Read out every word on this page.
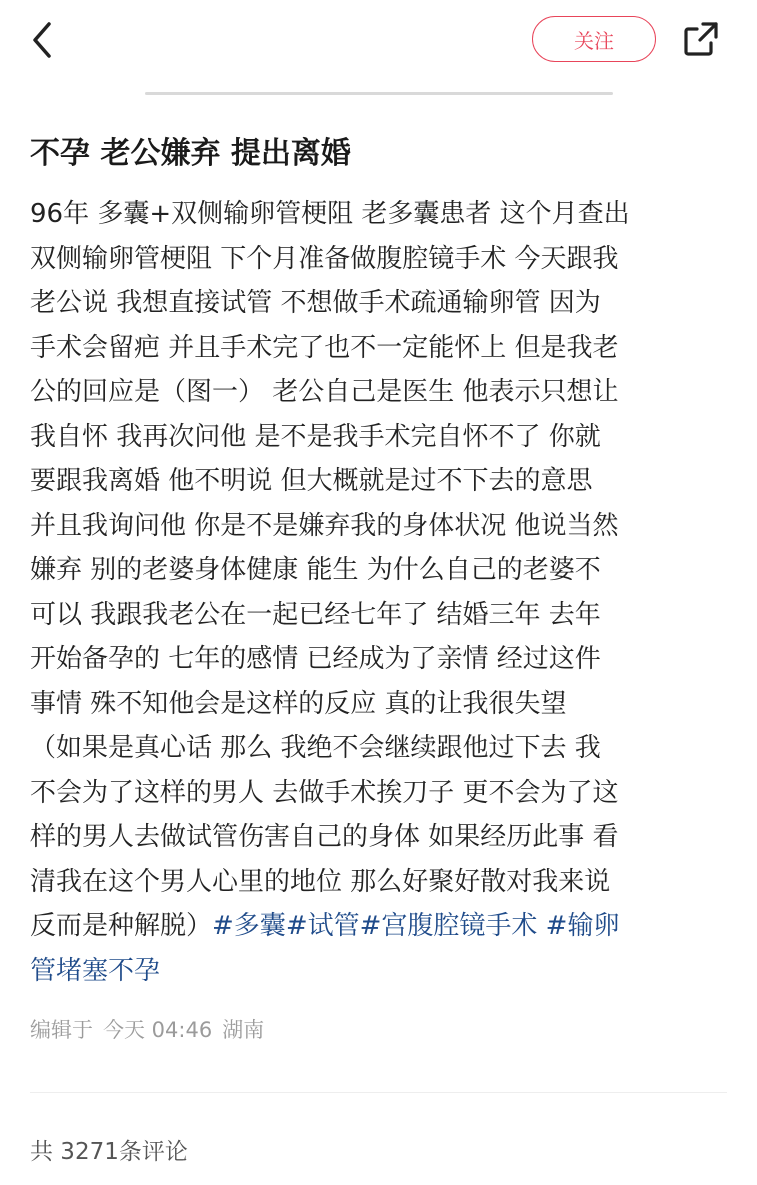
关注
不孕 老公嫌弃 提出离婚
96年 多囊+双侧输卵管梗阻 老多囊患者 这个月查出
双侧输卵管梗阻 下个月准备做腹腔镜手术 今天跟我
老公说 我想直接试管 不想做手术疏通输卵管 因为
手术会留疤 并且手术完了也不一定能怀上 但是我老
公的回应是（图一） 老公自己是医生 他表示只想让
我自怀 我再次问他 是不是我手术完自怀不了 你就
要跟我离婚 他不明说 但大概就是过不下去的意思
并且我询问他 你是不是嫌弃我的身体状况 他说当然
嫌弃 别的老婆身体健康 能生 为什么自己的老婆不
可以 我跟我老公在一起已经七年了 结婚三年 去年
开始备孕的 七年的感情 已经成为了亲情 经过这件
事情 殊不知他会是这样的反应 真的让我很失望
（如果是真心话 那么 我绝不会继续跟他过下去 我
不会为了这样的男人 去做手术挨刀子 更不会为了这
样的男人去做试管伤害自己的身体 如果经历此事 看
清我在这个男人心里的地位 那么好聚好散对我来说
反而是种解脱）#多囊#试管#宫腹腔镜手术 #输卵
管堵塞不孕
编辑于 今天 04:46 湖南
共 3271条评论
